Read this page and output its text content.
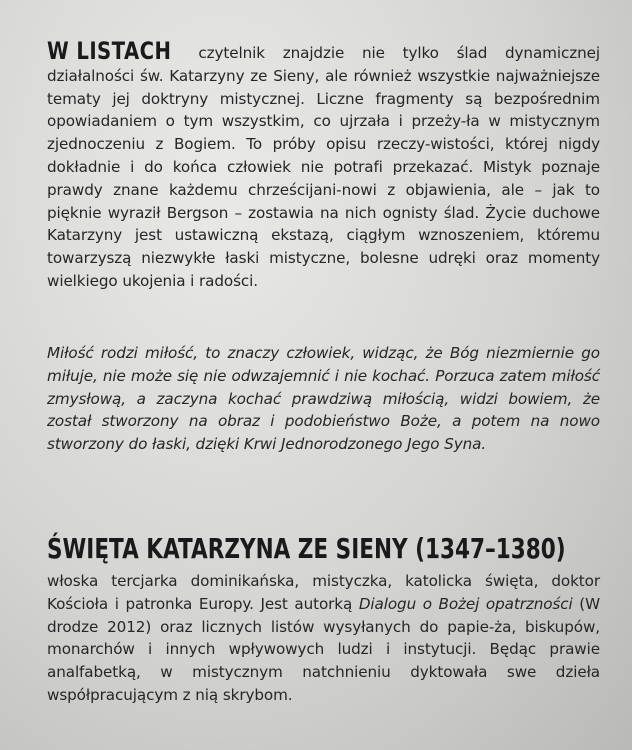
W LISTACH czytelnik znajdzie nie tylko ślad dynamicznej działalności św. Katarzyny ze Sieny, ale również wszystkie najważniejsze tematy jej doktryny mistycznej. Liczne fragmenty są bezpośrednim opowiadaniem o tym wszystkim, co ujrzała i przeży-ła w mistycznym zjednoczeniu z Bogiem. To próby opisu rzeczy-wistości, której nigdy dokładnie i do końca człowiek nie potrafi przekazać. Mistyk poznaje prawdy znane każdemu chrześcijani-nowi z objawienia, ale – jak to pięknie wyraził Bergson – zostawia na nich ognisty ślad. Życie duchowe Katarzyny jest ustawiczną ekstazą, ciągłym wznoszeniem, któremu towarzyszą niezwykłe łaski mistyczne, bolesne udręki oraz momenty wielkiego ukojenia i radości.

Miłość rodzi miłość, to znaczy człowiek, widząc, że Bóg niezmiernie go miłuje, nie może się nie odwzajemnić i nie kochać. Porzuca zatem miłość zmysłową, a zaczyna kochać prawdziwą miłością, widzi bowiem, że został stworzony na obraz i podobieństwo Boże, a potem na nowo stworzony do łaski, dzięki Krwi Jednorodzonego Jego Syna.

ŚWIĘTA KATARZYNA ZE SIENY (1347–1380)

włoska tercjarka dominikańska, mistyczka, katolicka święta, doktor Kościoła i patronka Europy. Jest autorką Dialogu o Bożej opatrzności (W drodze 2012) oraz licznych listów wysyłanych do papie-ża, biskupów, monarchów i innych wpływowych ludzi i instytucji. Będąc prawie analfabetką, w mistycznym natchnieniu dyktowała swe dzieła współpracującym z nią skrybom.
